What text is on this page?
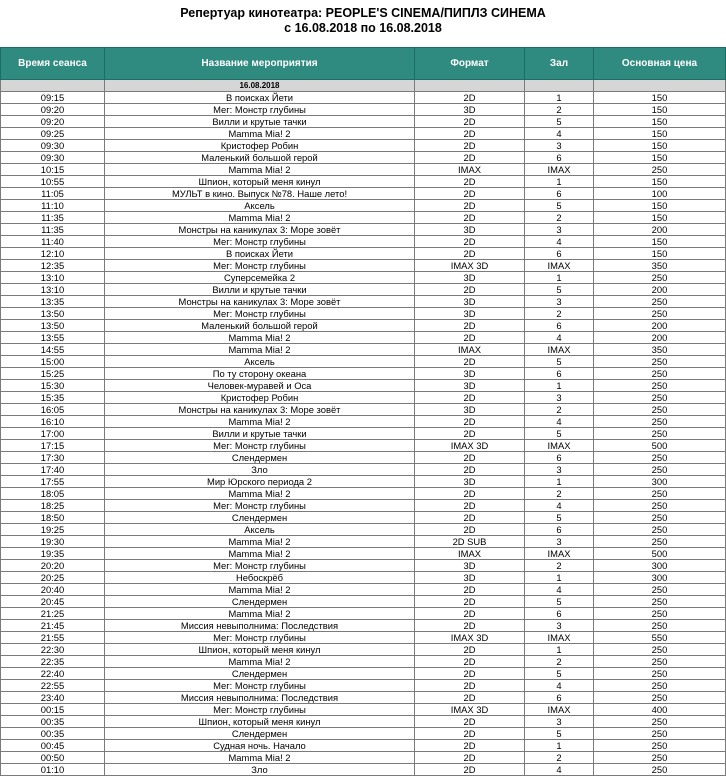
Репертуар кинотеатра: PEOPLE'S CINEMA/ПИПЛЗ СИНЕМА
с 16.08.2018 по 16.08.2018
Время сеанса	Название мероприятия	Формат	Зал	Основная цена
	16.08.2018			
09:15	В поисках Йети	2D	1	150
09:20	Мег: Монстр глубины	3D	2	150
09:20	Вилли и крутые тачки	2D	5	150
09:25	Mamma Mia! 2	2D	4	150
09:30	Кристофер Робин	2D	3	150
09:30	Маленький большой герой	2D	6	150
10:15	Mamma Mia! 2	IMAX	IMAX	250
10:55	Шпион, который меня кинул	2D	1	150
11:05	МУЛЬТ в кино. Выпуск №78. Наше лето!	2D	6	100
11:10	Аксель	2D	5	150
11:35	Mamma Mia! 2	2D	2	150
11:35	Монстры на каникулах 3: Море зовёт	3D	3	200
11:40	Мег: Монстр глубины	2D	4	150
12:10	В поисках Йети	2D	6	150
12:35	Мег: Монстр глубины	IMAX 3D	IMAX	350
13:10	Суперсемейка 2	3D	1	250
13:10	Вилли и крутые тачки	2D	5	200
13:35	Монстры на каникулах 3: Море зовёт	3D	3	250
13:50	Мег: Монстр глубины	3D	2	250
13:50	Маленький большой герой	2D	6	200
13:55	Mamma Mia! 2	2D	4	200
14:55	Mamma Mia! 2	IMAX	IMAX	350
15:00	Аксель	2D	5	250
15:25	По ту сторону океана	3D	6	250
15:30	Человек-муравей и Оса	3D	1	250
15:35	Кристофер Робин	2D	3	250
16:05	Монстры на каникулах 3: Море зовёт	3D	2	250
16:10	Mamma Mia! 2	2D	4	250
17:00	Вилли и крутые тачки	2D	5	250
17:15	Мег: Монстр глубины	IMAX 3D	IMAX	500
17:30	Слендермен	2D	6	250
17:40	Зло	2D	3	250
17:55	Мир Юрского периода 2	3D	1	300
18:05	Mamma Mia! 2	2D	2	250
18:25	Мег: Монстр глубины	2D	4	250
18:50	Слендермен	2D	5	250
19:25	Аксель	2D	6	250
19:30	Mamma Mia! 2	2D SUB	3	250
19:35	Mamma Mia! 2	IMAX	IMAX	500
20:20	Мег: Монстр глубины	3D	2	300
20:25	Небоскрёб	3D	1	300
20:40	Mamma Mia! 2	2D	4	250
20:45	Слендермен	2D	5	250
21:25	Mamma Mia! 2	2D	6	250
21:45	Миссия невыполнима: Последствия	2D	3	250
21:55	Мег: Монстр глубины	IMAX 3D	IMAX	550
22:30	Шпион, который меня кинул	2D	1	250
22:35	Mamma Mia! 2	2D	2	250
22:40	Слендермен	2D	5	250
22:55	Мег: Монстр глубины	2D	4	250
23:40	Миссия невыполнима: Последствия	2D	6	250
00:15	Мег: Монстр глубины	IMAX 3D	IMAX	400
00:35	Шпион, который меня кинул	2D	3	250
00:35	Слендермен	2D	5	250
00:45	Судная ночь. Начало	2D	1	250
00:50	Mamma Mia! 2	2D	2	250
01:10	Зло	2D	4	250
